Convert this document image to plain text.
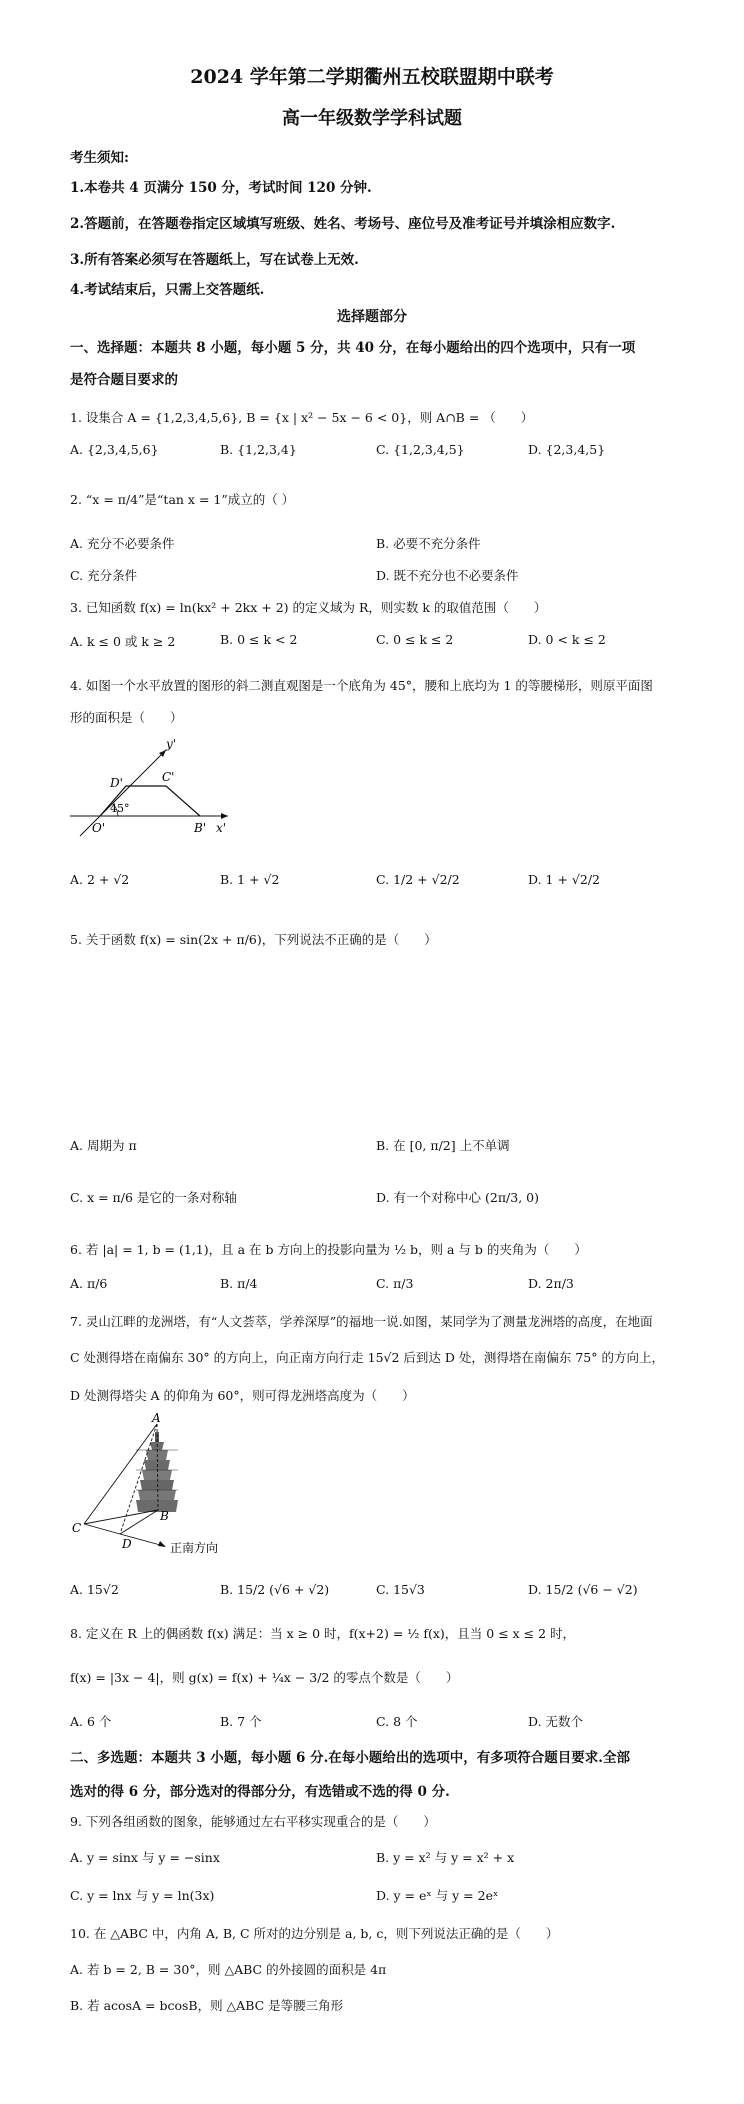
2024 学年第二学期衢州五校联盟期中联考
高一年级数学学科试题
考生须知:
1.本卷共 4 页满分 150 分，考试时间 120 分钟.
2.答题前，在答题卷指定区域填写班级、姓名、考场号、座位号及准考证号并填涂相应数字.
3.所有答案必须写在答题纸上，写在试卷上无效.
4.考试结束后，只需上交答题纸.
选择题部分
一、选择题：本题共 8 小题，每小题 5 分，共 40 分，在每小题给出的四个选项中，只有一项
是符合题目要求的
1. 设集合 A = {1,2,3,4,5,6}, B = {x | x² − 5x − 6 < 0}，则 A∩B = （　　）
A. {2,3,4,5,6}	B. {1,2,3,4}	C. {1,2,3,4,5}	D. {2,3,4,5}
2. “x = π/4”是“tan x = 1”成立的（ ）
A. 充分不必要条件	B. 必要不充分条件
C. 充分条件	D. 既不充分也不必要条件
3. 已知函数 f(x) = ln(kx² + 2kx + 2) 的定义域为 R，则实数 k 的取值范围（　　）
A. k ≤ 0 或 k ≥ 2	B. 0 ≤ k < 2	C. 0 ≤ k ≤ 2	D. 0 < k ≤ 2
4. 如图一个水平放置的图形的斜二测直观图是一个底角为 45°，腰和上底均为 1 的等腰梯形，则原平面图
形的面积是（　　）
y'
D'	C'
45°
O'	B' x'
A. 2 + √2	B. 1 + √2	C. 1/2 + √2/2	D. 1 + √2/2
5. 关于函数 f(x) = sin(2x + π/6)，下列说法不正确的是（　　）
A. 周期为 π	B. 在 [0, π/2] 上不单调
C. x = π/6 是它的一条对称轴	D. 有一个对称中心 (2π/3, 0)
6. 若 |a| = 1, b = (1,1)，且 a 在 b 方向上的投影向量为 ½ b，则 a 与 b 的夹角为（　　）
A. π/6	B. π/4	C. π/3	D. 2π/3
7. 灵山江畔的龙洲塔，有“人文荟萃，学养深厚”的福地一说.如图，某同学为了测量龙洲塔的高度，在地面
C 处测得塔在南偏东 30° 的方向上，向正南方向行走 15√2 后到达 D 处，测得塔在南偏东 75° 的方向上，
D 处测得塔尖 A 的仰角为 60°，则可得龙洲塔高度为（　　）
A
B
C
D	正南方向
A. 15√2	B. 15/2 (√6 + √2)	C. 15√3	D. 15/2 (√6 − √2)
8. 定义在 R 上的偶函数 f(x) 满足：当 x ≥ 0 时，f(x+2) = ½ f(x)，且当 0 ≤ x ≤ 2 时，
f(x) = |3x − 4|，则 g(x) = f(x) + ¼x − 3/2 的零点个数是（　　）
A. 6 个	B. 7 个	C. 8 个	D. 无数个
二、多选题：本题共 3 小题，每小题 6 分.在每小题给出的选项中，有多项符合题目要求.全部
选对的得 6 分，部分选对的得部分分，有选错或不选的得 0 分.
9. 下列各组函数的图象，能够通过左右平移实现重合的是（　　）
A. y = sinx 与 y = −sinx	B. y = x² 与 y = x² + x
C. y = lnx 与 y = ln(3x)	D. y = eˣ 与 y = 2eˣ
10. 在 △ABC 中，内角 A, B, C 所对的边分别是 a, b, c，则下列说法正确的是（　　）
A. 若 b = 2, B = 30°，则 △ABC 的外接圆的面积是 4π
B. 若 acosA = bcosB，则 △ABC 是等腰三角形
